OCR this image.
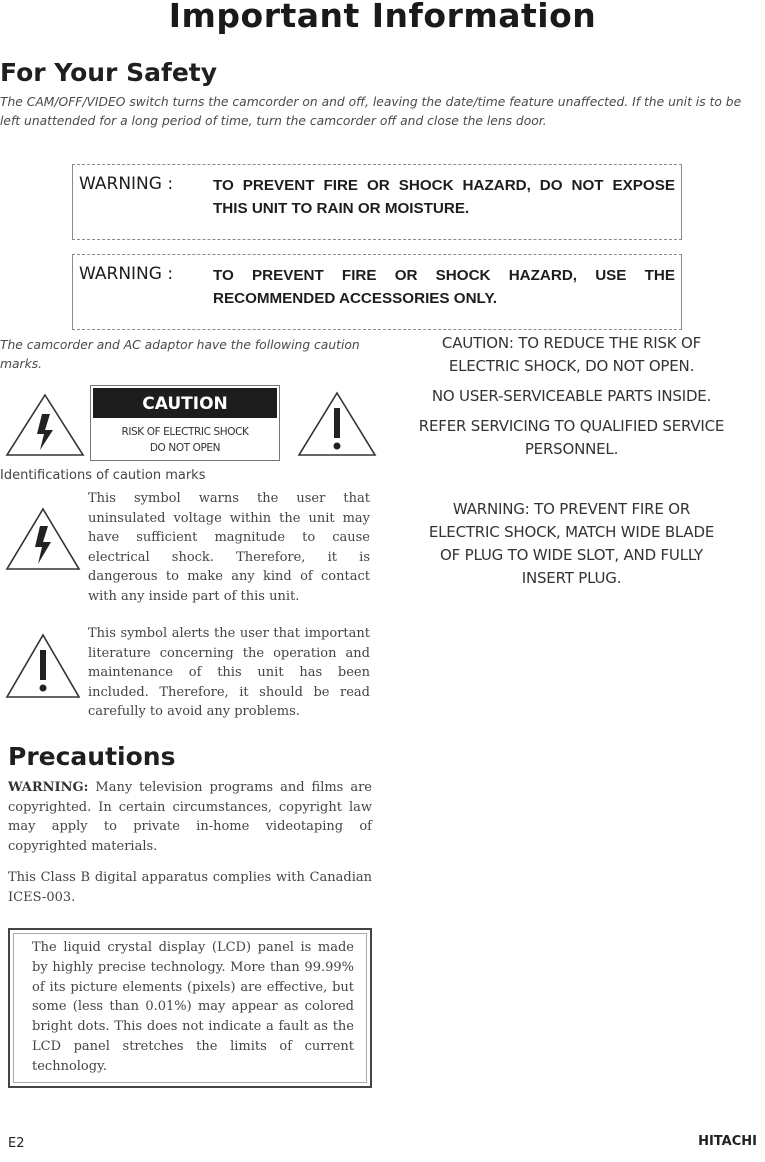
Important Information
For Your Safety
The CAM/OFF/VIDEO switch turns the camcorder on and off, leaving the date/time feature unaffected. If the unit is to be left unattended for a long period of time, turn the camcorder off and close the lens door.
WARNING :	TO PREVENT FIRE OR SHOCK HAZARD, DO NOT EXPOSE THIS UNIT TO RAIN OR MOISTURE.
WARNING :	TO PREVENT FIRE OR SHOCK HAZARD, USE THE RECOMMENDED ACCESSORIES ONLY.
The camcorder and AC adaptor have the following caution marks.
CAUTION
RISK OF ELECTRIC SHOCK
DO NOT OPEN
Identifications of caution marks
This symbol warns the user that uninsulated voltage within the unit may have sufficient magnitude to cause electrical shock. Therefore, it is dangerous to make any kind of contact with any inside part of this unit.
This symbol alerts the user that important literature concerning the operation and maintenance of this unit has been included. Therefore, it should be read carefully to avoid any problems.
CAUTION: TO REDUCE THE RISK OF
ELECTRIC SHOCK, DO NOT OPEN.
NO USER-SERVICEABLE PARTS INSIDE.
REFER SERVICING TO QUALIFIED SERVICE
PERSONNEL.
WARNING: TO PREVENT FIRE OR
ELECTRIC SHOCK, MATCH WIDE BLADE
OF PLUG TO WIDE SLOT, AND FULLY
INSERT PLUG.
Precautions
WARNING: Many television programs and films are copyrighted. In certain circumstances, copyright law may apply to private in-home videotaping of copyrighted materials.
This Class B digital apparatus complies with Canadian ICES-003.
The liquid crystal display (LCD) panel is made by highly precise technology. More than 99.99% of its picture elements (pixels) are effective, but some (less than 0.01%) may appear as colored bright dots. This does not indicate a fault as the LCD panel stretches the limits of current technology.
E2	HITACHI
